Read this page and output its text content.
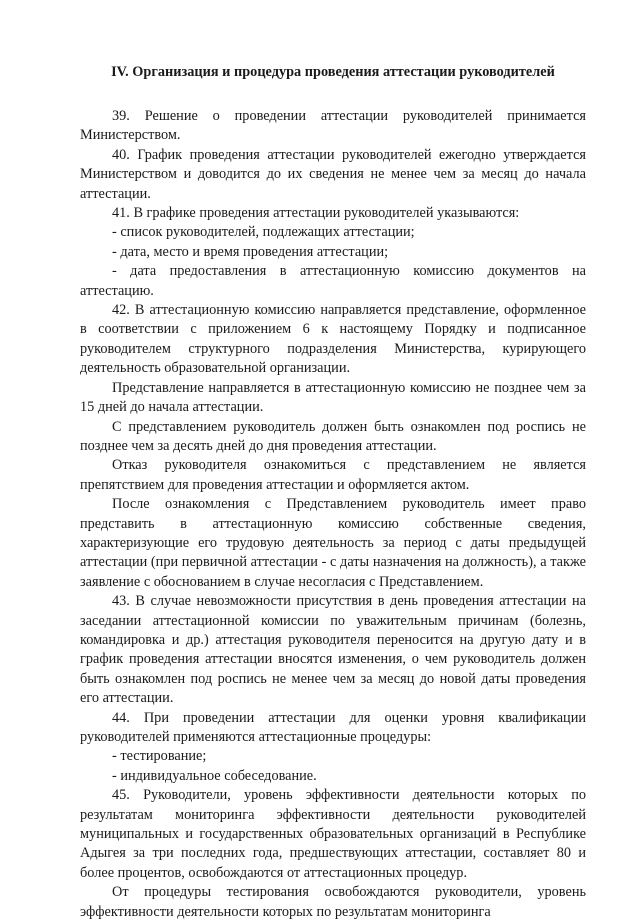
IV. Организация и процедура проведения аттестации руководителей

39. Решение о проведении аттестации руководителей принимается Министерством.

40. График проведения аттестации руководителей ежегодно утверждается Министерством и доводится до их сведения не менее чем за месяц до начала аттестации.

41. В графике проведения аттестации руководителей указываются:

- список руководителей, подлежащих аттестации;

- дата, место и время проведения аттестации;

- дата предоставления в аттестационную комиссию документов на аттестацию.

42. В аттестационную комиссию направляется представление, оформленное в соответствии с приложением 6 к настоящему Порядку и подписанное руководителем структурного подразделения Министерства, курирующего деятельность образовательной организации.

Представление направляется в аттестационную комиссию не позднее чем за 15 дней до начала аттестации.

С представлением руководитель должен быть ознакомлен под роспись не позднее чем за десять дней до дня проведения аттестации.

Отказ руководителя ознакомиться с представлением не является препятствием для проведения аттестации и оформляется актом.

После ознакомления с Представлением руководитель имеет право представить в аттестационную комиссию собственные сведения, характеризующие его трудовую деятельность за период с даты предыдущей аттестации (при первичной аттестации - с даты назначения на должность), а также заявление с обоснованием в случае несогласия с Представлением.

43. В случае невозможности присутствия в день проведения аттестации на заседании аттестационной комиссии по уважительным причинам (болезнь, командировка и др.) аттестация руководителя переносится на другую дату и в график проведения аттестации вносятся изменения, о чем руководитель должен быть ознакомлен под роспись не менее чем за месяц до новой даты проведения его аттестации.

44. При проведении аттестации для оценки уровня квалификации руководителей применяются аттестационные процедуры:

- тестирование;

- индивидуальное собеседование.

45. Руководители, уровень эффективности деятельности которых по результатам мониторинга эффективности деятельности руководителей муниципальных и государственных образовательных организаций в Республике Адыгея за три последних года, предшествующих аттестации, составляет 80 и более процентов, освобождаются от аттестационных процедур.

От процедуры тестирования освобождаются руководители, уровень эффективности деятельности которых по результатам мониторинга
